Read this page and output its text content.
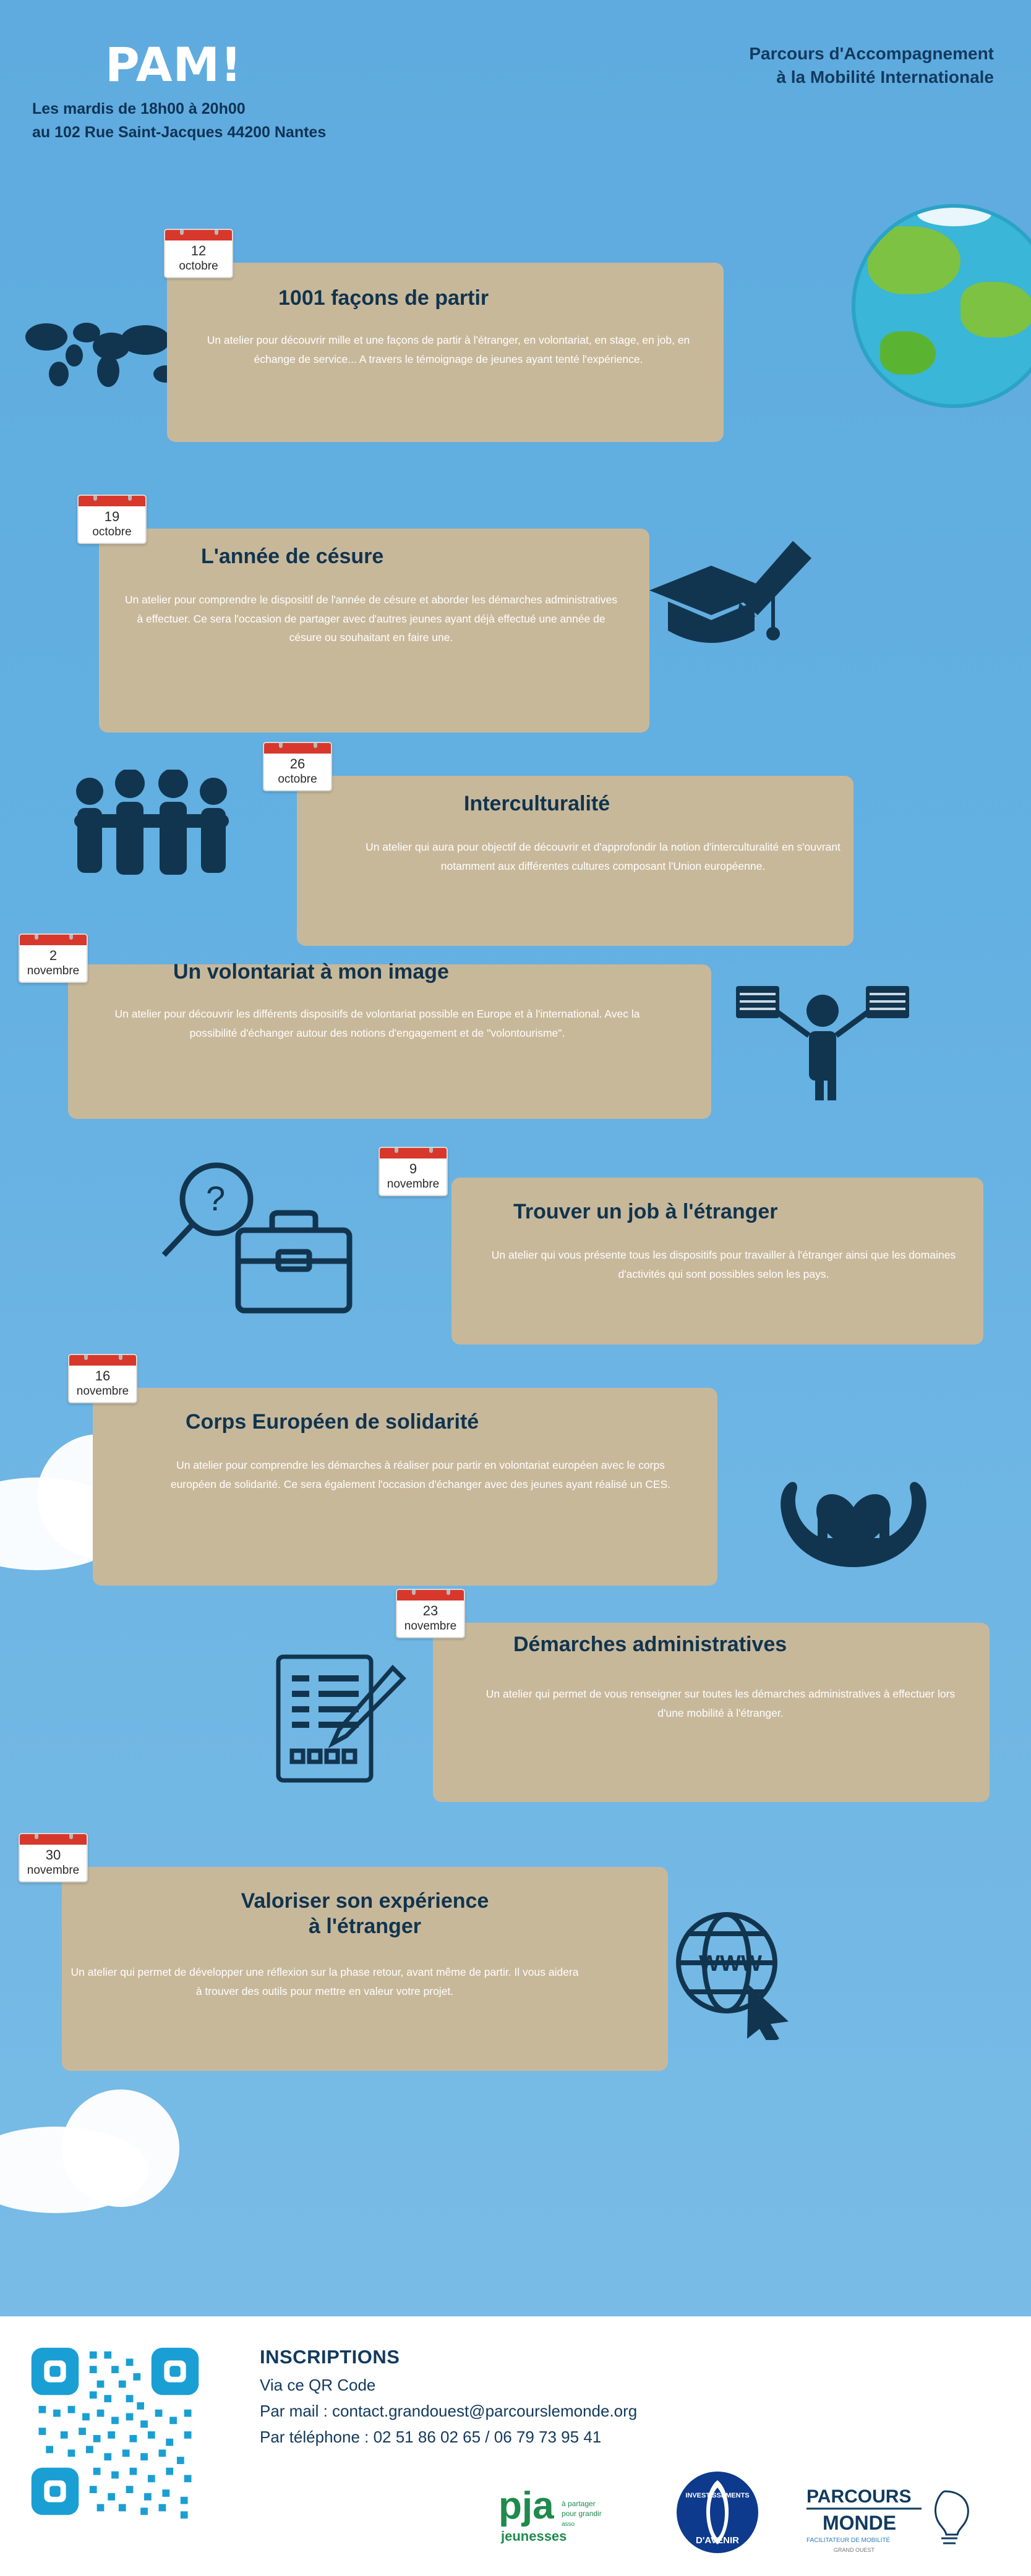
PAM!	Parcours d'Accompagnement
à la Mobilité Internationale
Les mardis de 18h00 à 20h00
au 102 Rue Saint-Jacques 44200 Nantes
12
octobre
1001 façons de partir
Un atelier pour découvrir mille et une façons de partir à l'étranger, en volontariat, en stage, en job, en échange de service... A travers le témoignage de jeunes ayant tenté l'expérience.
19
octobre
L'année de césure
Un atelier pour comprendre le dispositif de l'année de césure et aborder les démarches administratives à effectuer. Ce sera l'occasion de partager avec d'autres jeunes ayant déjà effectué une année de césure ou souhaitant en faire une.
26
octobre
Interculturalité
Un atelier qui aura pour objectif de découvrir et d'approfondir la notion d'interculturalité en s'ouvrant notamment aux différentes cultures composant l'Union européenne.
2
novembre	Un volontariat à mon image
Un atelier pour découvrir les différents dispositifs de volontariat possible en Europe et à l'international. Avec la possibilité d'échanger autour des notions d'engagement et de "volontourisme".
9
novembre
Trouver un job à l'étranger
Un atelier qui vous présente tous les dispositifs pour travailler à l'étranger ainsi que les domaines d'activités qui sont possibles selon les pays.
?
16
novembre
Corps Européen de solidarité
Un atelier pour comprendre les démarches à réaliser pour partir en volontariat européen avec le corps européen de solidarité. Ce sera également l'occasion d'échanger avec des jeunes ayant réalisé un CES.
23
novembre
Démarches administratives
Un atelier qui permet de vous renseigner sur toutes les démarches administratives à effectuer lors d'une mobilité à l'étranger.
30
novembre
Valoriser son expérience
à l'étranger
Un atelier qui permet de développer une réflexion sur la phase retour, avant même de partir. Il vous aidera à trouver des outils pour mettre en valeur votre projet.
WWW
INSCRIPTIONS
Via ce QR Code
Par mail : contact.grandouest@parcourslemonde.org
Par téléphone : 02 51 86 02 65 / 06 79 73 95 41
pja à partager
pour grandir
asso
jeunesses
INVESTISSEMENTS
D'AVENIR
PARCOURS
MONDE
FACILITATEUR DE MOBILITÉ
GRAND OUEST
